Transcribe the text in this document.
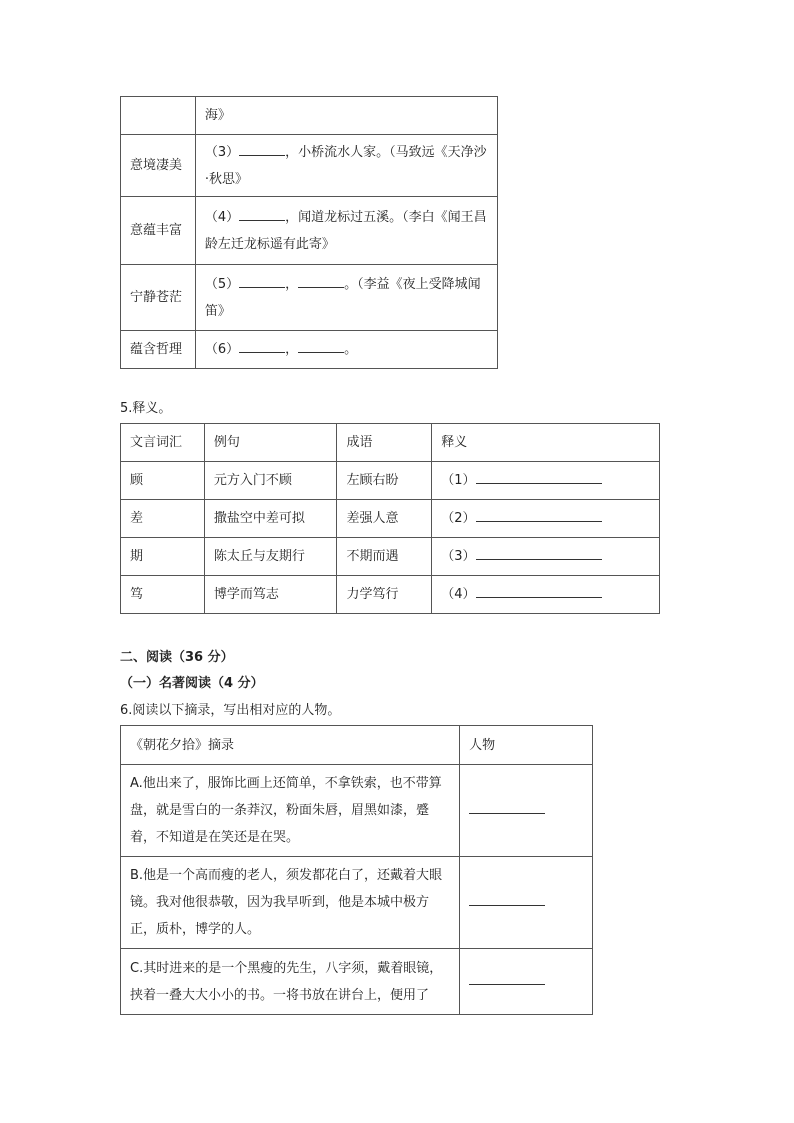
	海》
意境凄美	（3） ，小桥流水人家。（马致远《天净沙·秋思》
意蕴丰富	（4） ，闻道龙标过五溪。（李白《闻王昌龄左迁龙标遥有此寄》
宁静苍茫	（5） ， 。（李益《夜上受降城闻笛》
蕴含哲理	（6） ， 。
5.释义。
文言词汇	例句	成语	释义
顾	元方入门不顾	左顾右盼	（1）
差	撒盐空中差可拟	差强人意	（2）
期	陈太丘与友期行	不期而遇	（3）
笃	博学而笃志	力学笃行	（4）
二、阅读（36 分）
（一）名著阅读（4 分）
6.阅读以下摘录，写出相对应的人物。
《朝花夕拾》摘录	人物
A.他出来了，服饰比画上还简单，不拿铁索，也不带算盘，就是雪白的一条莽汉，粉面朱唇，眉黑如漆，蹙着，不知道是在笑还是在哭。	
B.他是一个高而瘦的老人，须发都花白了，还戴着大眼镜。我对他很恭敬，因为我早听到，他是本城中极方正，质朴，博学的人。	
C.其时进来的是一个黑瘦的先生，八字须，戴着眼镜，挟着一叠大大小小的书。一将书放在讲台上，便用了	
